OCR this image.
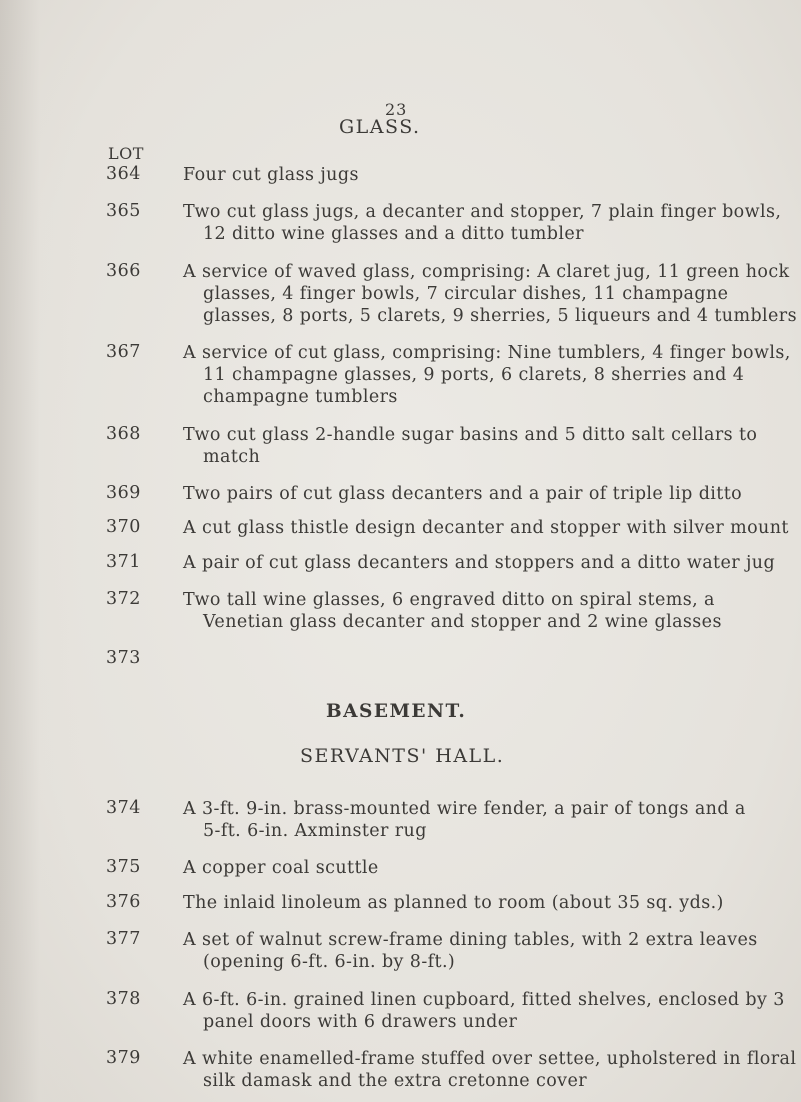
23
GLASS.
LOT
364 Four cut glass jugs
365 Two cut glass jugs, a decanter and stopper, 7 plain finger bowls,
12 ditto wine glasses and a ditto tumbler
366 A service of waved glass, comprising: A claret jug, 11 green hock
glasses, 4 finger bowls, 7 circular dishes, 11 champagne
glasses, 8 ports, 5 clarets, 9 sherries, 5 liqueurs and 4 tumblers
367 A service of cut glass, comprising: Nine tumblers, 4 finger bowls,
11 champagne glasses, 9 ports, 6 clarets, 8 sherries and 4
champagne tumblers
368 Two cut glass 2-handle sugar basins and 5 ditto salt cellars to
match
369 Two pairs of cut glass decanters and a pair of triple lip ditto
370 A cut glass thistle design decanter and stopper with silver mount
371 A pair of cut glass decanters and stoppers and a ditto water jug
372 Two tall wine glasses, 6 engraved ditto on spiral stems, a
Venetian glass decanter and stopper and 2 wine glasses
373
BASEMENT.
SERVANTS' HALL.
374 A 3-ft. 9-in. brass-mounted wire fender, a pair of tongs and a
5-ft. 6-in. Axminster rug
375 A copper coal scuttle
376 The inlaid linoleum as planned to room (about 35 sq. yds.)
377 A set of walnut screw-frame dining tables, with 2 extra leaves
(opening 6-ft. 6-in. by 8-ft.)
378 A 6-ft. 6-in. grained linen cupboard, fitted shelves, enclosed by 3
panel doors with 6 drawers under
379 A white enamelled-frame stuffed over settee, upholstered in floral
silk damask and the extra cretonne cover
